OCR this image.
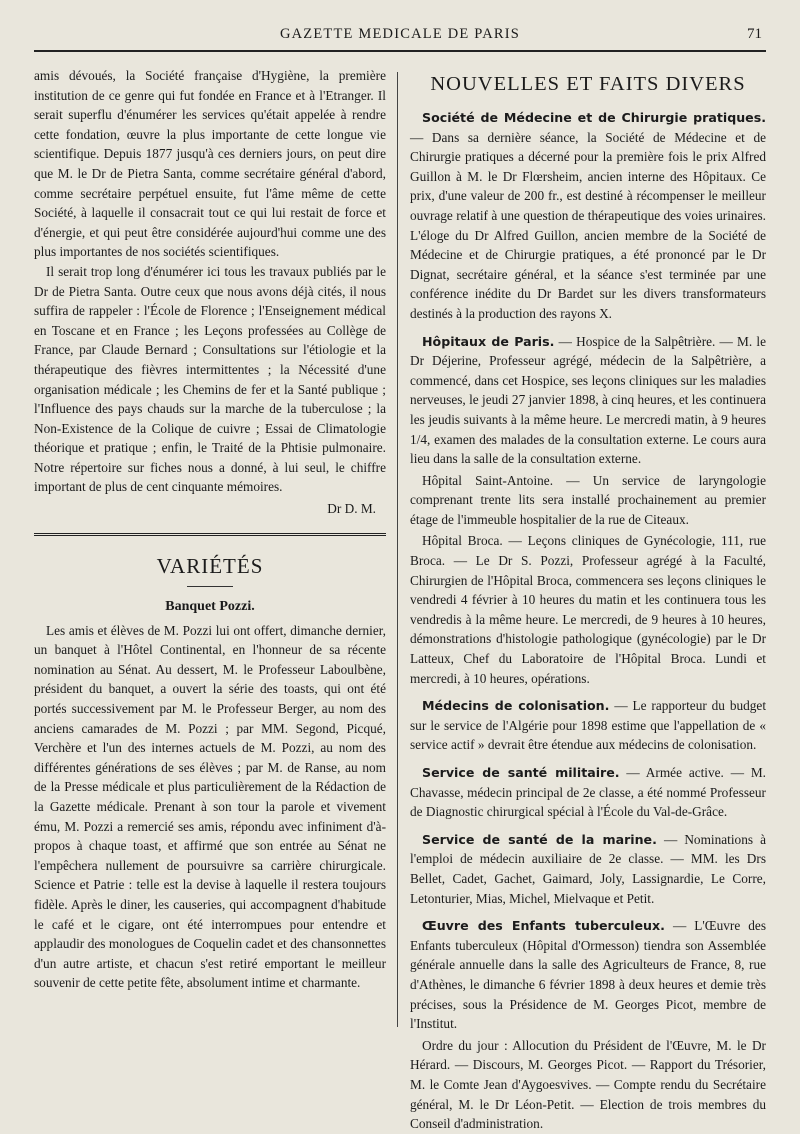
GAZETTE MEDICALE DE PARIS	71

amis dévoués, la Société française d'Hygiène, la première institution de ce genre qui fut fondée en France et à l'Etranger. Il serait superflu d'énumérer les services qu'était appelée à rendre cette fondation, œuvre la plus importante de cette longue vie scientifique. Depuis 1877 jusqu'à ces derniers jours, on peut dire que M. le Dr de Pietra Santa, comme secrétaire général d'abord, comme secrétaire perpétuel ensuite, fut l'âme même de cette Société, à laquelle il consacrait tout ce qui lui restait de force et d'énergie, et qui peut être considérée aujourd'hui comme une des plus importantes de nos sociétés scientifiques.

Il serait trop long d'énumérer ici tous les travaux publiés par le Dr de Pietra Santa. Outre ceux que nous avons déjà cités, il nous suffira de rappeler : l'École de Florence ; l'Enseignement médical en Toscane et en France ; les Leçons professées au Collège de France, par Claude Bernard ; Consultations sur l'étiologie et la thérapeutique des fièvres intermittentes ; la Nécessité d'une organisation médicale ; les Chemins de fer et la Santé publique ; l'Influence des pays chauds sur la marche de la tuberculose ; la Non-Existence de la Colique de cuivre ; Essai de Climatologie théorique et pratique ; enfin, le Traité de la Phtisie pulmonaire. Notre répertoire sur fiches nous a donné, à lui seul, le chiffre important de plus de cent cinquante mémoires.

Dr D. M.
VARIÉTÉS
Banquet Pozzi.

Les amis et élèves de M. Pozzi lui ont offert, dimanche dernier, un banquet à l'Hôtel Continental, en l'honneur de sa récente nomination au Sénat. Au dessert, M. le Professeur Laboulbène, président du banquet, a ouvert la série des toasts, qui ont été portés successivement par M. le Professeur Berger, au nom des anciens camarades de M. Pozzi ; par MM. Segond, Picqué, Verchère et l'un des internes actuels de M. Pozzi, au nom des différentes générations de ses élèves ; par M. de Ranse, au nom de la Presse médicale et plus particulièrement de la Rédaction de la Gazette médicale. Prenant à son tour la parole et vivement ému, M. Pozzi a remercié ses amis, répondu avec infiniment d'à-propos à chaque toast, et affirmé que son entrée au Sénat ne l'empêchera nullement de poursuivre sa carrière chirurgicale. Science et Patrie : telle est la devise à laquelle il restera toujours fidèle. Après le diner, les causeries, qui accompagnent d'habitude le café et le cigare, ont été interrompues pour entendre et applaudir des monologues de Coquelin cadet et des chansonnettes d'un autre artiste, et chacun s'est retiré emportant le meilleur souvenir de cette petite fête, absolument intime et charmante.

NOUVELLES ET FAITS DIVERS

Société de Médecine et de Chirurgie pratiques. — Dans sa dernière séance, la Société de Médecine et de Chirurgie pratiques a décerné pour la première fois le prix Alfred Guillon à M. le Dr Flœrsheim, ancien interne des Hôpitaux. Ce prix, d'une valeur de 200 fr., est destiné à récompenser le meilleur ouvrage relatif à une question de thérapeutique des voies urinaires. L'éloge du Dr Alfred Guillon, ancien membre de la Société de Médecine et de Chirurgie pratiques, a été prononcé par le Dr Dignat, secrétaire général, et la séance s'est terminée par une conférence inédite du Dr Bardet sur les divers transformateurs destinés à la production des rayons X.

Hôpitaux de Paris. — Hospice de la Salpêtrière. — M. le Dr Déjerine, Professeur agrégé, médecin de la Salpêtrière, a commencé, dans cet Hospice, ses leçons cliniques sur les maladies nerveuses, le jeudi 27 janvier 1898, à cinq heures, et les continuera les jeudis suivants à la même heure. Le mercredi matin, à 9 heures 1/4, examen des malades de la consultation externe. Le cours aura lieu dans la salle de la consultation externe.

Hôpital Saint-Antoine. — Un service de laryngologie comprenant trente lits sera installé prochainement au premier étage de l'immeuble hospitalier de la rue de Citeaux.

Hôpital Broca. — Leçons cliniques de Gynécologie, 111, rue Broca. — Le Dr S. Pozzi, Professeur agrégé à la Faculté, Chirurgien de l'Hôpital Broca, commencera ses leçons cliniques le vendredi 4 février à 10 heures du matin et les continuera tous les vendredis à la même heure. Le mercredi, de 9 heures à 10 heures, démonstrations d'histologie pathologique (gynécologie) par le Dr Latteux, Chef du Laboratoire de l'Hôpital Broca. Lundi et mercredi, à 10 heures, opérations.

Médecins de colonisation. — Le rapporteur du budget sur le service de l'Algérie pour 1898 estime que l'appellation de « service actif » devrait être étendue aux médecins de colonisation.

Service de santé militaire. — Armée active. — M. Chavasse, médecin principal de 2e classe, a été nommé Professeur de Diagnostic chirurgical spécial à l'École du Val-de-Grâce.

Service de santé de la marine. — Nominations à l'emploi de médecin auxiliaire de 2e classe. — MM. les Drs Bellet, Cadet, Gachet, Gaimard, Joly, Lassignardie, Le Corre, Letonturier, Mias, Michel, Mielvaque et Petit.

Œuvre des Enfants tuberculeux. — L'Œuvre des Enfants tuberculeux (Hôpital d'Ormesson) tiendra son Assemblée générale annuelle dans la salle des Agriculteurs de France, 8, rue d'Athènes, le dimanche 6 février 1898 à deux heures et demie très précises, sous la Présidence de M. Georges Picot, membre de l'Institut.

Ordre du jour : Allocution du Président de l'Œuvre, M. le Dr Hérard. — Discours, M. Georges Picot. — Rapport du Trésorier, M. le Comte Jean d'Aygoesvives. — Compte rendu du Secrétaire général, M. le Dr Léon-Petit. — Election de trois membres du Conseil d'administration.
